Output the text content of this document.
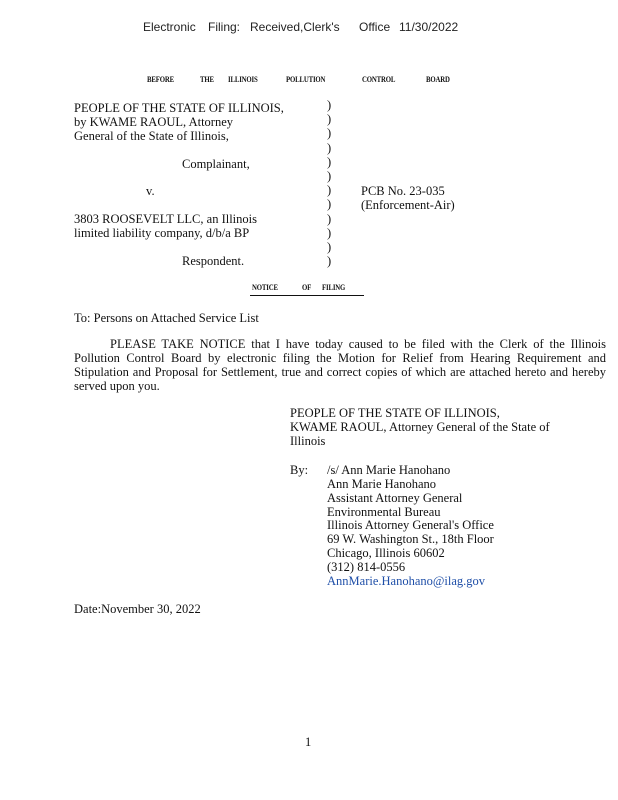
Electronic Filing: Received,Clerk's Office 11/30/2022
BEFORE	THE ILLINOIS	POLLUTION	CONTROL	BOARD
PEOPLE OF THE STATE OF ILLINOIS,
by KWAME RAOUL, Attorney
General of the State of Illinois,
Complainant,
v.
3803 ROOSEVELT LLC, an Illinois
limited liability company, d/b/a BP
Respondent.
)
)
)
)
)
)
)
)
)
)
)
)
PCB No. 23-035
(Enforcement-Air)
NOTICE	OF FILING
To: Persons on Attached Service List
PLEASE TAKE NOTICE that I have today caused to be filed with the Clerk of the Illinois Pollution Control Board by electronic filing the Motion for Relief from Hearing Requirement and Stipulation and Proposal for Settlement, true and correct copies of which are attached hereto and hereby served upon you.
PEOPLE OF THE STATE OF ILLINOIS,
KWAME RAOUL, Attorney General of the State of
Illinois
By: /s/ Ann Marie Hanohano
Ann Marie Hanohano
Assistant Attorney General
Environmental Bureau
Illinois Attorney General's Office
69 W. Washington St., 18th Floor
Chicago, Illinois 60602
(312) 814-0556
AnnMarie.Hanohano@ilag.gov
Date:November 30, 2022
1
